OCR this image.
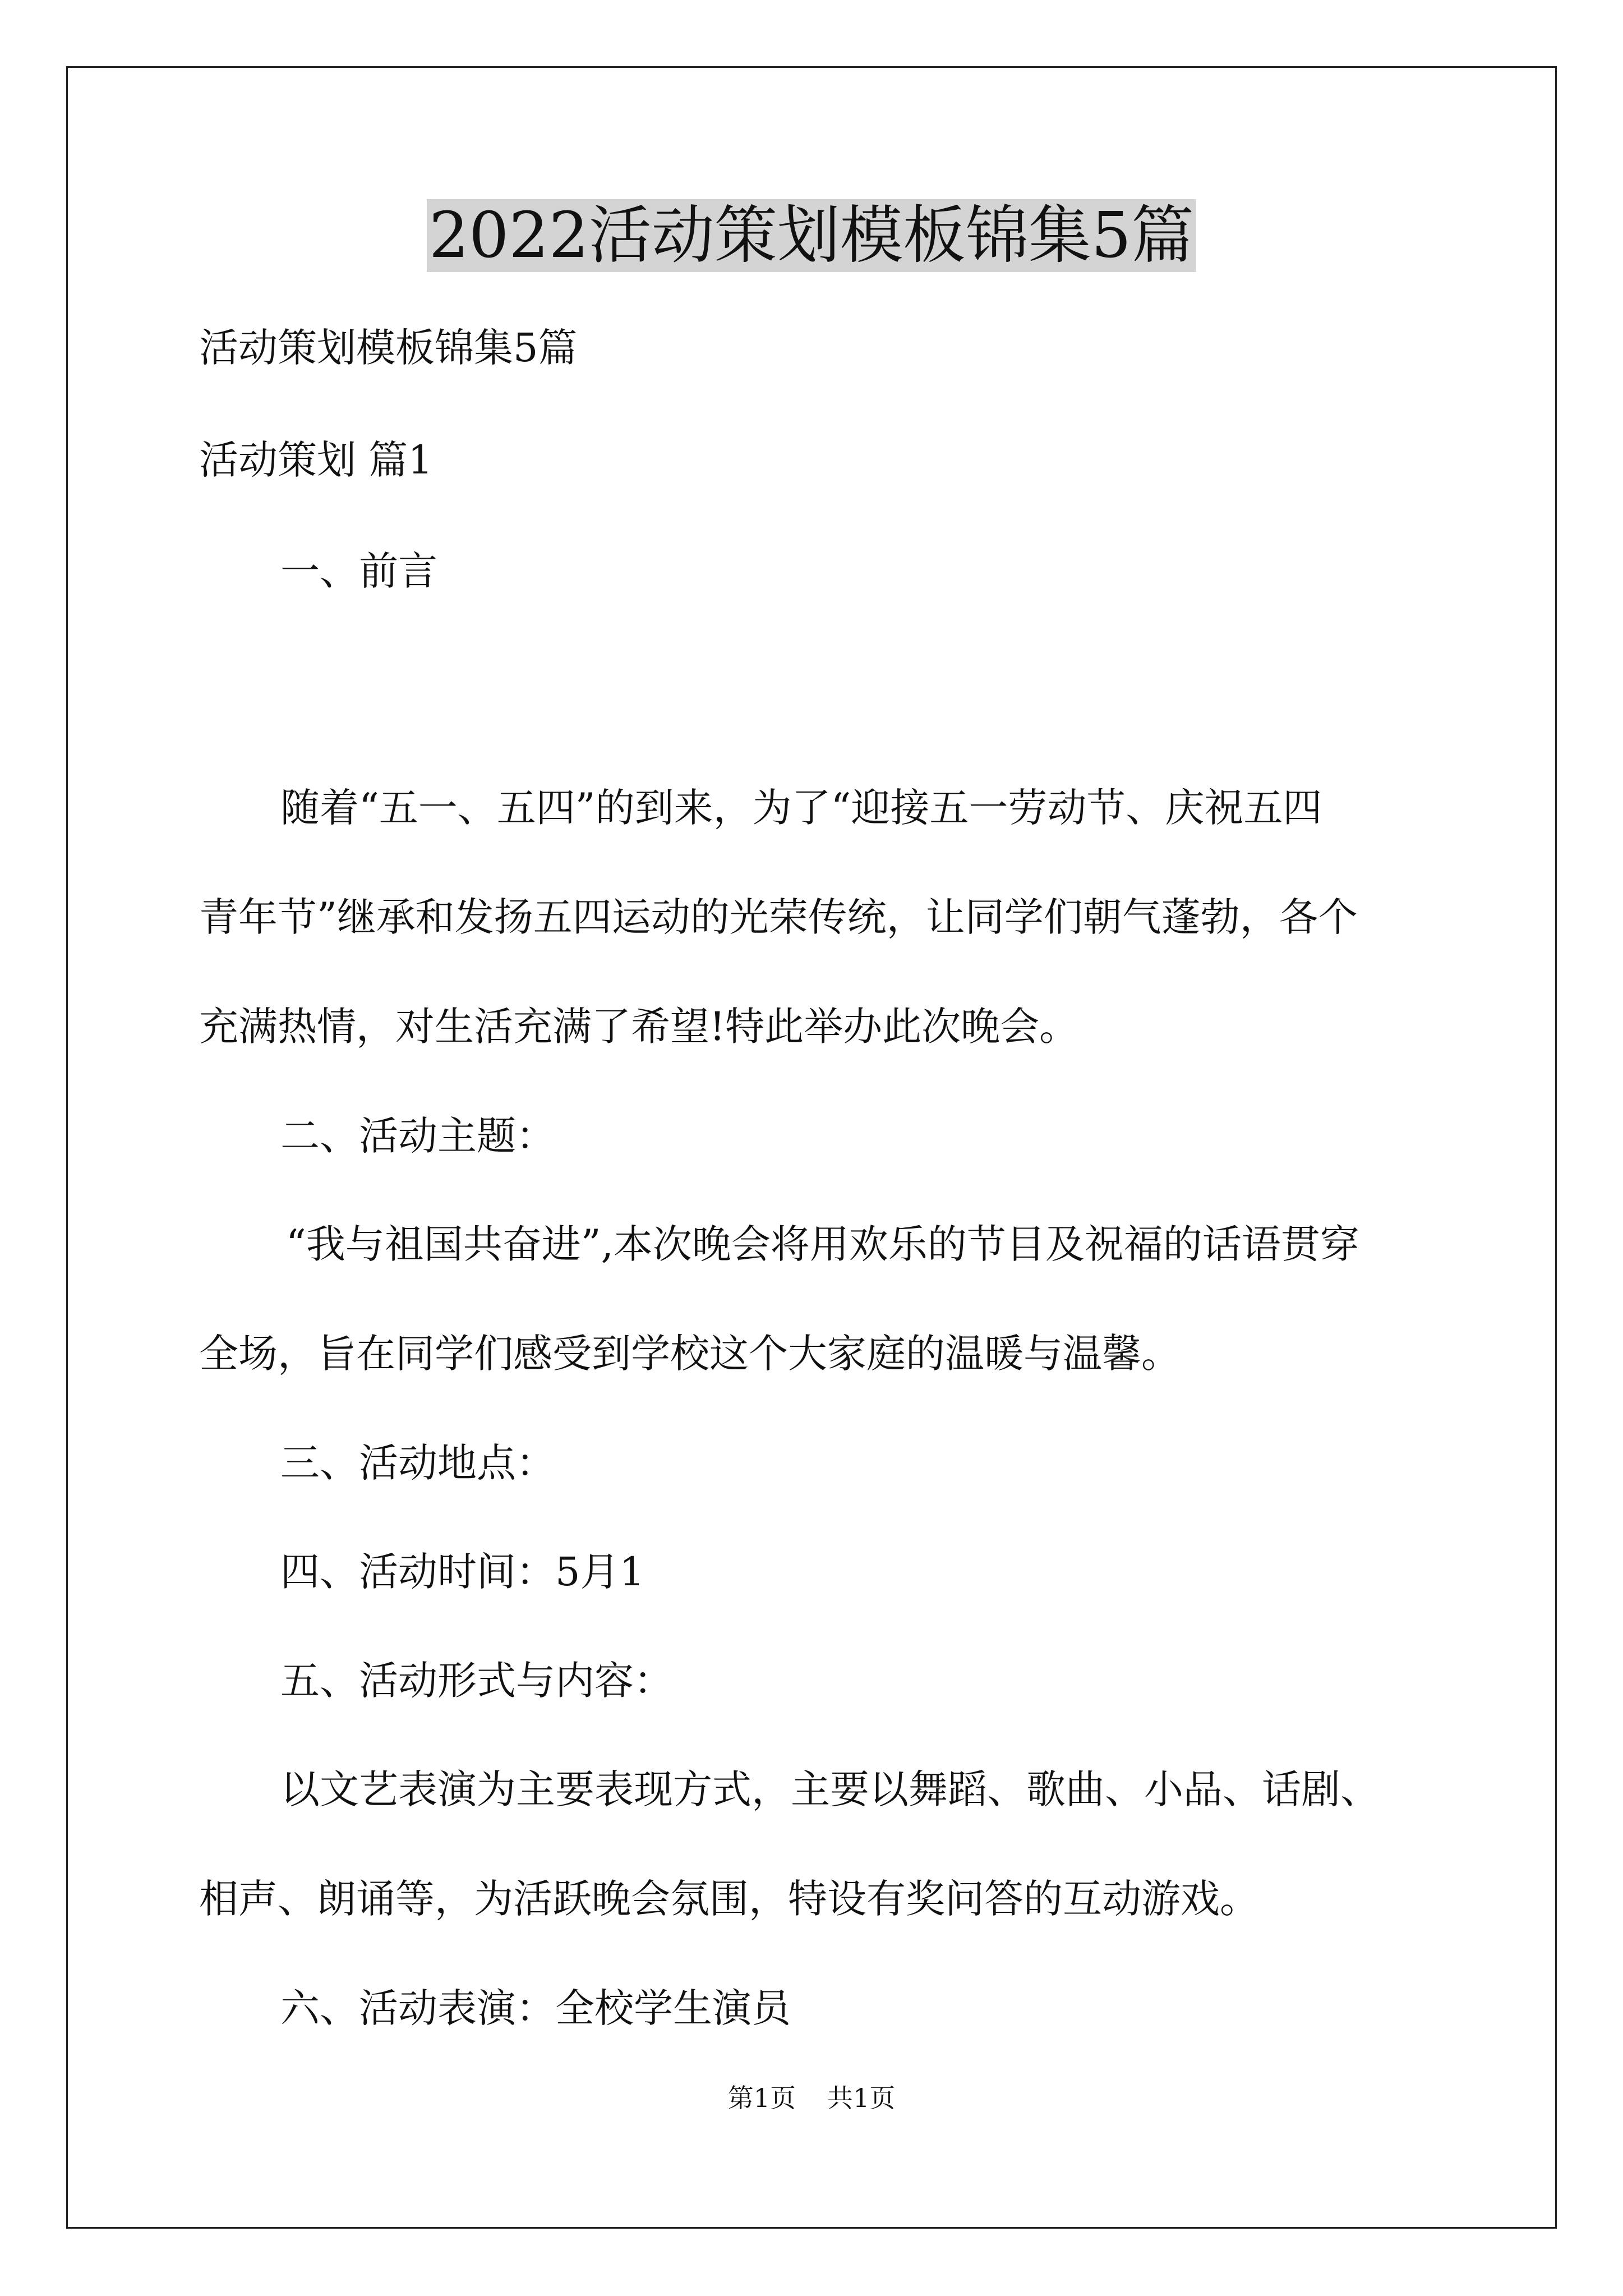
2022活动策划模板锦集5篇
活动策划模板锦集5篇
活动策划 篇1
一、前言
随着“五一、五四”的到来，为了“迎接五一劳动节、庆祝五四
青年节”继承和发扬五四运动的光荣传统，让同学们朝气蓬勃，各个
充满热情，对生活充满了希望!特此举办此次晚会。
二、活动主题：
“我与祖国共奋进”,本次晚会将用欢乐的节目及祝福的话语贯穿
全场，旨在同学们感受到学校这个大家庭的温暖与温馨。
三、活动地点：
四、活动时间：5月1
五、活动形式与内容：
以文艺表演为主要表现方式，主要以舞蹈、歌曲、小品、话剧、
相声、朗诵等，为活跃晚会氛围，特设有奖问答的互动游戏。
六、活动表演：全校学生演员
第1页 共1页
